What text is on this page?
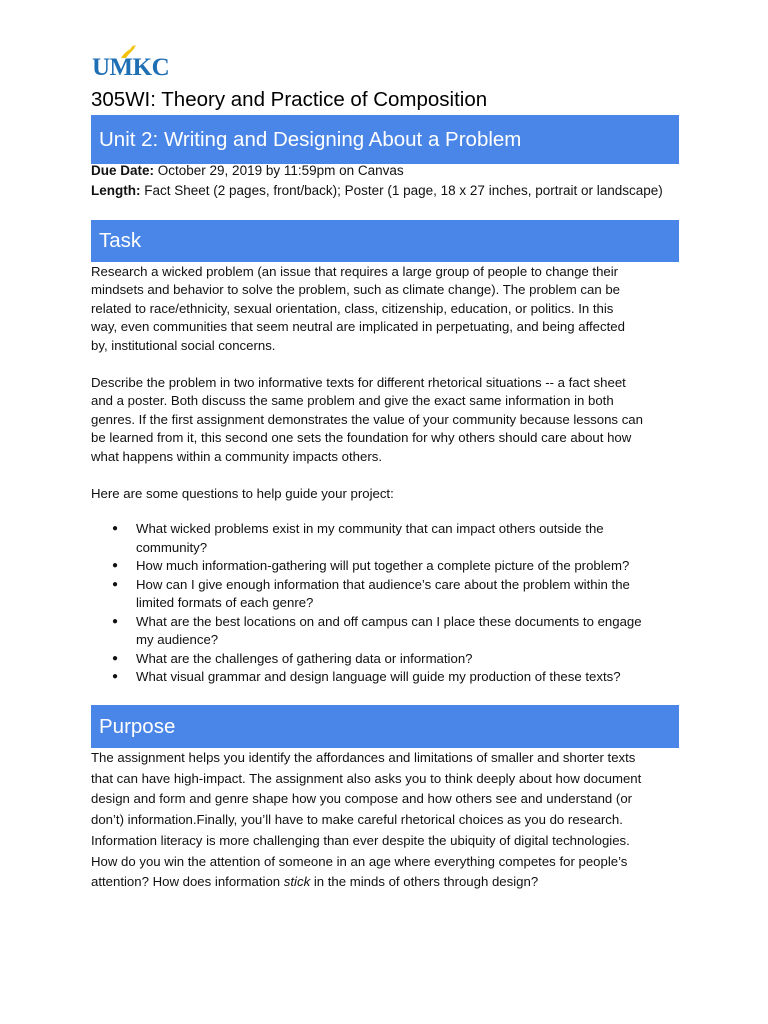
UMKC
305WI: Theory and Practice of Composition
Unit 2: Writing and Designing About a Problem
Due Date: October 29, 2019 by 11:59pm on Canvas
Length: Fact Sheet (2 pages, front/back); Poster (1 page, 18 x 27 inches, portrait or landscape)
Task
Research a wicked problem (an issue that requires a large group of people to change their
mindsets and behavior to solve the problem, such as climate change). The problem can be
related to race/ethnicity, sexual orientation, class, citizenship, education, or politics. In this
way, even communities that seem neutral are implicated in perpetuating, and being affected
by, institutional social concerns.
Describe the problem in two informative texts for different rhetorical situations -- a fact sheet
and a poster. Both discuss the same problem and give the exact same information in both
genres. If the first assignment demonstrates the value of your community because lessons can
be learned from it, this second one sets the foundation for why others should care about how
what happens within a community impacts others.
Here are some questions to help guide your project:
● What wicked problems exist in my community that can impact others outside the
community?
● How much information-gathering will put together a complete picture of the problem?
● How can I give enough information that audience’s care about the problem within the
limited formats of each genre?
● What are the best locations on and off campus can I place these documents to engage
my audience?
● What are the challenges of gathering data or information?
● What visual grammar and design language will guide my production of these texts?
Purpose
The assignment helps you identify the affordances and limitations of smaller and shorter texts
that can have high-impact. The assignment also asks you to think deeply about how document
design and form and genre shape how you compose and how others see and understand (or
don’t) information.Finally, you’ll have to make careful rhetorical choices as you do research.
Information literacy is more challenging than ever despite the ubiquity of digital technologies.
How do you win the attention of someone in an age where everything competes for people’s
attention? How does information stick in the minds of others through design?
